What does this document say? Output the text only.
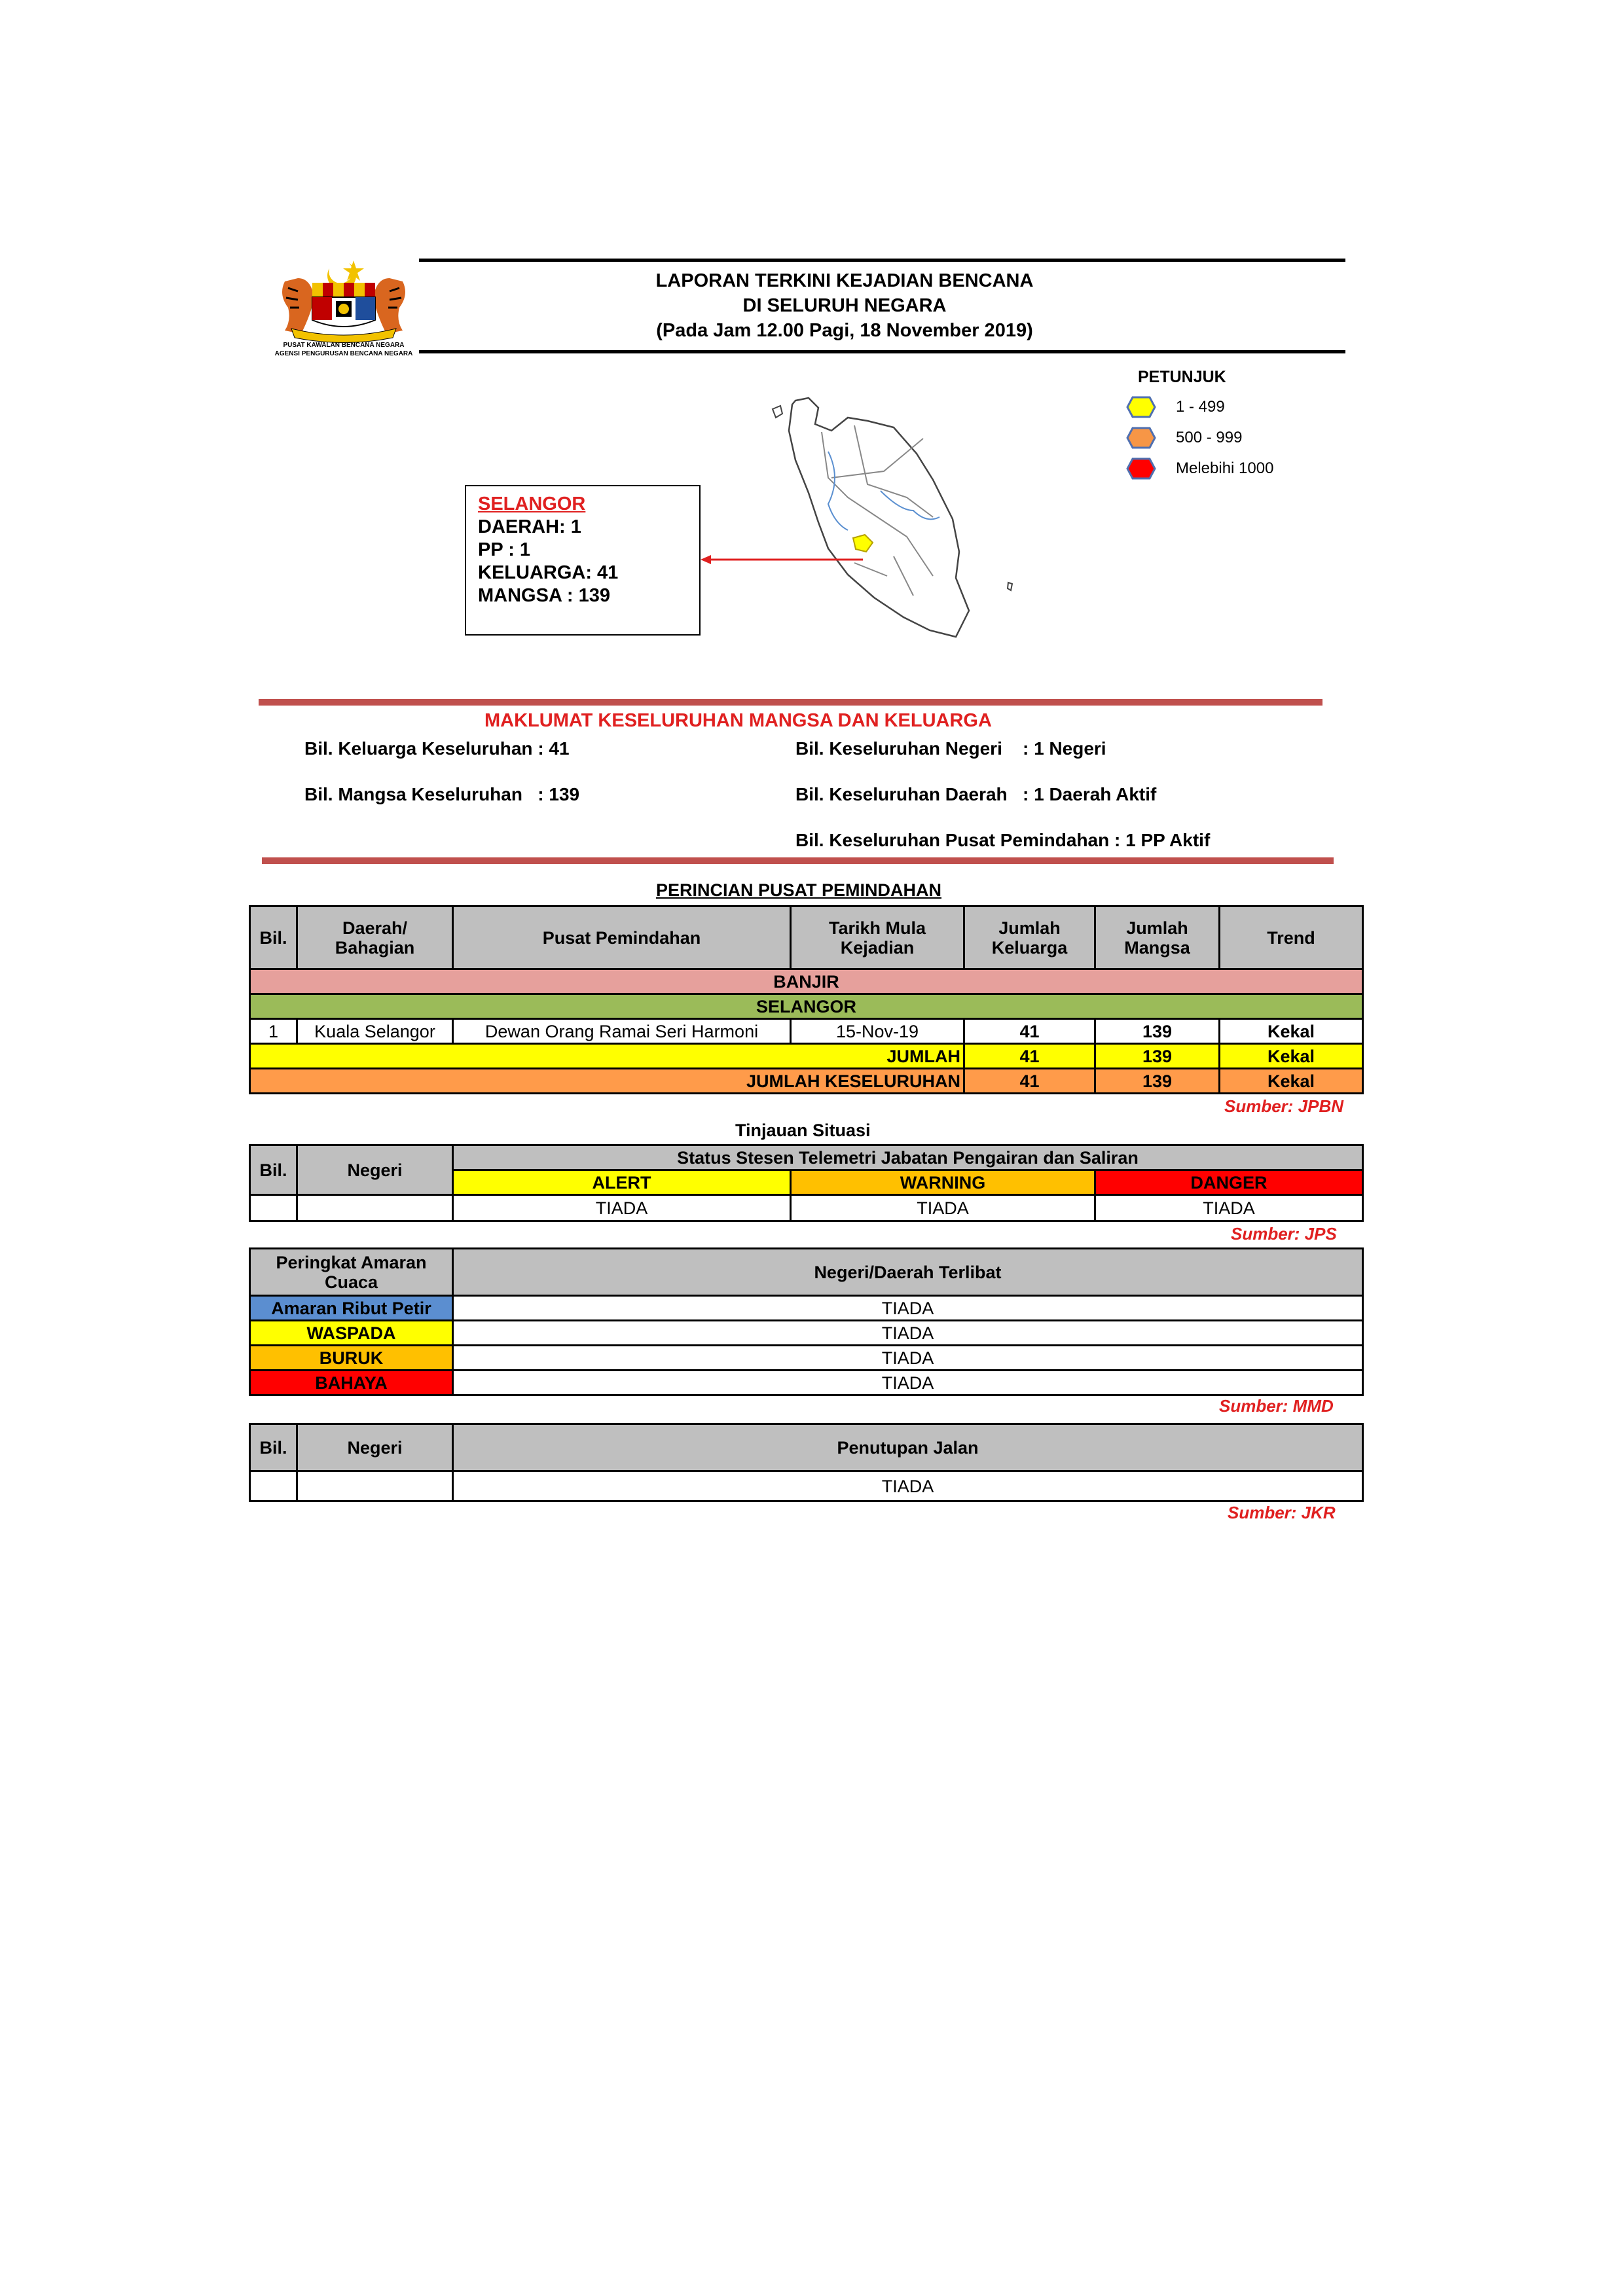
PUSAT KAWALAN BENCANA NEGARA
AGENSI PENGURUSAN BENCANA NEGARA
LAPORAN TERKINI KEJADIAN BENCANA
DI SELURUH NEGARA
(Pada Jam 12.00 Pagi, 18 November 2019)
PETUNJUK
1 - 499
500 - 999
Melebihi 1000
SELANGOR
DAERAH: 1
PP : 1
KELUARGA: 41
MANGSA : 139
MAKLUMAT KESELURUHAN MANGSA DAN KELUARGA
Bil. Keluarga Keseluruhan : 41
Bil. Mangsa Keseluruhan   : 139
Bil. Keseluruhan Negeri    : 1 Negeri
Bil. Keseluruhan Daerah   : 1 Daerah Aktif
Bil. Keseluruhan Pusat Pemindahan : 1 PP Aktif
PERINCIAN PUSAT PEMINDAHAN
Bil.	Daerah/ Bahagian	Pusat Pemindahan	Tarikh Mula Kejadian	Jumlah Keluarga	Jumlah Mangsa	Trend
BANJIR						
SELANGOR						
1	Kuala Selangor	Dewan Orang Ramai Seri Harmoni	15-Nov-19	41	139	Kekal
JUMLAH				41	139	Kekal
JUMLAH KESELURUHAN				41	139	Kekal
Sumber: JPBN
Tinjauan Situasi
Bil.	Negeri	Status Stesen Telemetri Jabatan Pengairan dan Saliran		
		ALERT	WARNING	DANGER
		TIADA	TIADA	TIADA
Sumber: JPS
Peringkat Amaran Cuaca	Negeri/Daerah Terlibat
Amaran Ribut Petir	TIADA
WASPADA	TIADA
BURUK	TIADA
BAHAYA	TIADA
Sumber: MMD
Bil.	Negeri	Penutupan Jalan
		TIADA
Sumber: JKR
